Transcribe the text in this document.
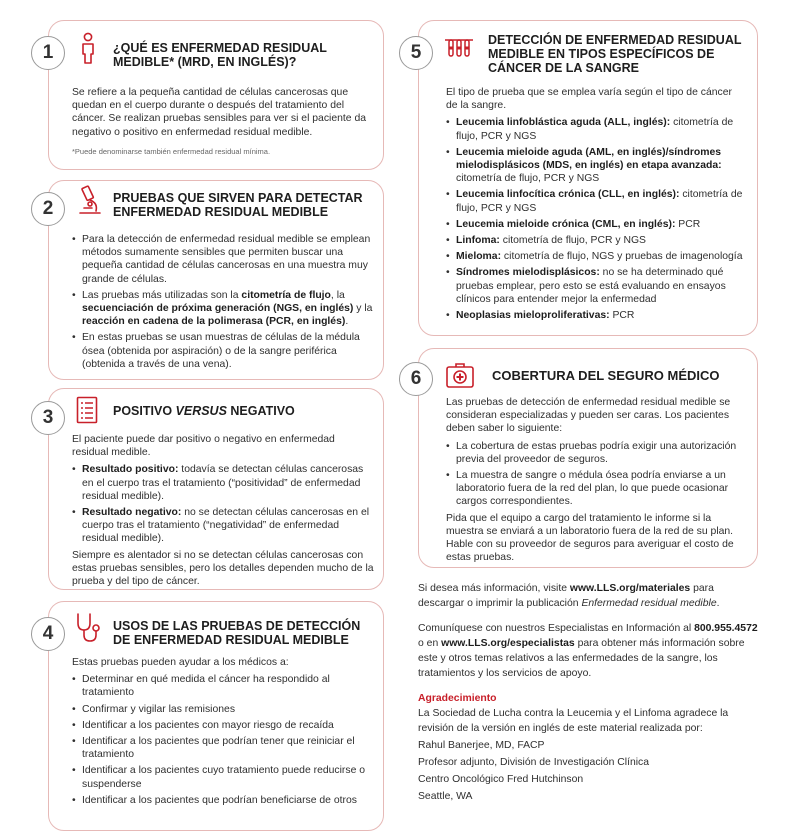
1	¿QUÉ ES ENFERMEDAD RESIDUAL
MEDIBLE* (MRD, EN INGLÉS)?

Se refiere a la pequeña cantidad de células cancerosas que quedan en el cuerpo durante o después del tratamiento del cáncer. Se realizan pruebas sensibles para ver si el paciente da negativo o positivo en enfermedad residual medible.

*Puede denominarse también enfermedad residual mínima.
2	PRUEBAS QUE SIRVEN PARA DETECTAR
ENFERMEDAD RESIDUAL MEDIBLE
• Para la detección de enfermedad residual medible se emplean métodos sumamente sensibles que permiten buscar una pequeña cantidad de células cancerosas en una muestra muy grande de células.
• Las pruebas más utilizadas son la citometría de flujo, la secuenciación de próxima generación (NGS, en inglés) y la reacción en cadena de la polimerasa (PCR, en inglés).
• En estas pruebas se usan muestras de células de la médula ósea (obtenida por aspiración) o de la sangre periférica (obtenida a través de una vena).
3	POSITIVO VERSUS NEGATIVO

El paciente puede dar positivo o negativo en enfermedad residual medible.

• Resultado positivo: todavía se detectan células cancerosas en el cuerpo tras el tratamiento (“positividad” de enfermedad residual medible).
• Resultado negativo: no se detectan células cancerosas en el cuerpo tras el tratamiento (“negatividad” de enfermedad residual medible).

Siempre es alentador si no se detectan células cancerosas con estas pruebas sensibles, pero los detalles dependen mucho de la prueba y del tipo de cáncer.

4	USOS DE LAS PRUEBAS DE DETECCIÓN
DE ENFERMEDAD RESIDUAL MEDIBLE

Estas pruebas pueden ayudar a los médicos a:

• Determinar en qué medida el cáncer ha respondido al tratamiento
• Confirmar y vigilar las remisiones
• Identificar a los pacientes con mayor riesgo de recaída
• Identificar a los pacientes que podrían tener que reiniciar el tratamiento
• Identificar a los pacientes cuyo tratamiento puede reducirse o suspenderse
• Identificar a los pacientes que podrían beneficiarse de otros
5
DETECCIÓN DE ENFERMEDAD RESIDUAL
MEDIBLE EN TIPOS ESPECÍFICOS DE
CÁNCER DE LA SANGRE

El tipo de prueba que se emplea varía según el tipo de cáncer de la sangre.

• Leucemia linfoblástica aguda (ALL, inglés): citometría de flujo, PCR y NGS
• Leucemia mieloide aguda (AML, en inglés)/síndromes mielodisplásicos (MDS, en inglés) en etapa avanzada: citometría de flujo, PCR y NGS
• Leucemia linfocítica crónica (CLL, en inglés): citometría de flujo, PCR y NGS
• Leucemia mieloide crónica (CML, en inglés): PCR
• Linfoma: citometría de flujo, PCR y NGS
• Mieloma: citometría de flujo, NGS y pruebas de imagenología
• Síndromes mielodisplásicos: no se ha determinado qué pruebas emplear, pero esto se está evaluando en ensayos clínicos para entender mejor la enfermedad
• Neoplasias mieloproliferativas: PCR
6	COBERTURA DEL SEGURO MÉDICO

Las pruebas de detección de enfermedad residual medible se consideran especializadas y pueden ser caras. Los pacientes deben saber lo siguiente:

• La cobertura de estas pruebas podría exigir una autorización previa del proveedor de seguros.
• La muestra de sangre o médula ósea podría enviarse a un laboratorio fuera de la red del plan, lo que puede ocasionar cargos correspondientes.

Pida que el equipo a cargo del tratamiento le informe si la muestra se enviará a un laboratorio fuera de la red de su plan. Hable con su proveedor de seguros para averiguar el costo de estas pruebas.

Si desea más información, visite www.LLS.org/materiales para descargar o imprimir la publicación Enfermedad residual medible.

Comuníquese con nuestros Especialistas en Información al 800.955.4572 o en www.LLS.org/especialistas para obtener más información sobre este y otros temas relativos a las enfermedades de la sangre, los tratamientos y los servicios de apoyo.

Agradecimiento
La Sociedad de Lucha contra la Leucemia y el Linfoma agradece la revisión de la versión en inglés de este material realizada por:
Rahul Banerjee, MD, FACP
Profesor adjunto, División de Investigación Clínica
Centro Oncológico Fred Hutchinson
Seattle, WA
